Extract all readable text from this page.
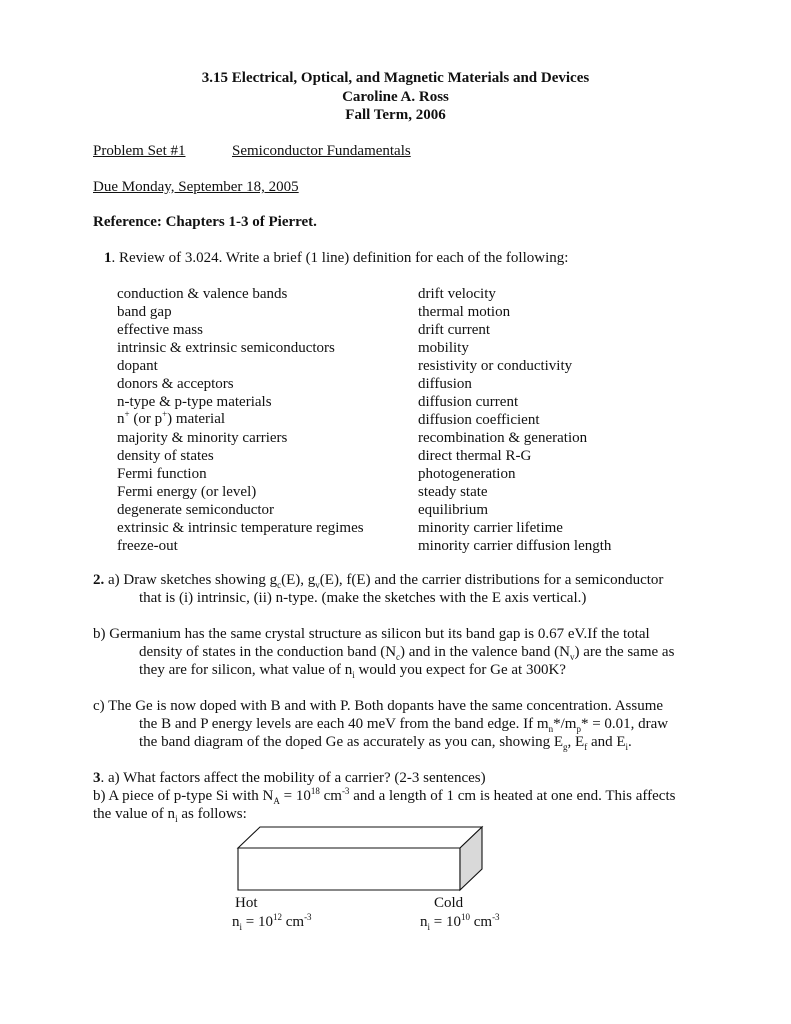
3.15 Electrical, Optical, and Magnetic Materials and Devices
Caroline A. Ross
Fall Term, 2006
Problem Set #1	Semiconductor Fundamentals
Due Monday, September 18, 2005
Reference: Chapters 1-3 of Pierret.
1. Review of 3.024. Write a brief (1 line) definition for each of the following:
conduction & valence bands
band gap
effective mass
intrinsic & extrinsic semiconductors
dopant
donors & acceptors
n-type & p-type materials
majority & minority carriers
density of states
Fermi function
Fermi energy (or level)
degenerate semiconductor
extrinsic & intrinsic temperature regimes
freeze-out
drift velocity
thermal motion
drift current
mobility
resistivity or conductivity
diffusion
diffusion current
diffusion coefficient
recombination & generation
direct thermal R-G
photogeneration
steady state
equilibrium
minority carrier lifetime
minority carrier diffusion length
n+ (or p+) material
2. a) Draw sketches showing $g_c(E)$, $g_v(E)$, f(E) and the carrier distributions for a semiconductor
that is (i) intrinsic, (ii) n-type. (make the sketches with the E axis vertical.)
b) Germanium has the same crystal structure as silicon but its band gap is 0.67 eV.If the total
density of states in the conduction band $(N_c)$ and in the valence band $(N_v)$ are the same as
they are for silicon, what value of $n_i$ would you expect for Ge at 300K?
c) The Ge is now doped with B and with P. Both dopants have the same concentration. Assume
the B and P energy levels are each 40 meV from the band edge. If $m_n*/m_p* = 0.01$, draw
the band diagram of the doped Ge as accurately as you can, showing $E_g$, $E_f$ and $E_i$.
3. a) What factors affect the mobility of a carrier? (2-3 sentences)
b) A piece of p-type Si with $N_A = 10^{18}$ $cm^{-3}$ and a length of 1 cm is heated at one end. This affects
the value of $n_i$ as follows:
Hot	Cold
$n_i = 10^{12}$ $cm^{-3}$	$n_i = 10^{10}$ $cm^{-3}$
